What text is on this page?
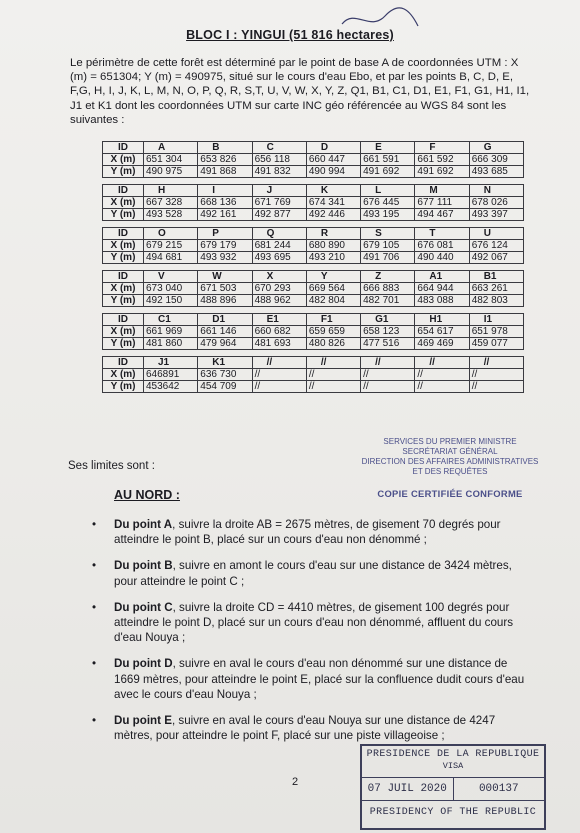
BLOC I : YINGUI (51 816 hectares)

Le périmètre de cette forêt est déterminé par le point de base A de coordonnées UTM : X (m) = 651304; Y (m) = 490975, situé sur le cours d'eau Ebo, et par les points B, C, D, E, F,G, H, I, J, K, L, M, N, O, P, Q, R, S,T, U, V, W, X, Y, Z, Q1, B1, C1, D1, E1, F1, G1, H1, I1, J1 et K1 dont les coordonnées UTM sur carte INC géo référencée au WGS 84 sont les suivantes :

ID	A	B	C	D	E	F	G
X (m)	651 304	653 826	656 118	660 447	661 591	661 592	666 309
Y (m)	490 975	491 868	491 832	490 994	491 692	491 692	493 685

ID	H	I	J	K	L	M	N
X (m)	667 328	668 136	671 769	674 341	676 445	677 111	678 026
Y (m)	493 528	492 161	492 877	492 446	493 195	494 467	493 397

ID	O	P	Q	R	S	T	U
X (m)	679 215	679 179	681 244	680 890	679 105	676 081	676 124
Y (m)	494 681	493 932	493 695	493 210	491 706	490 440	492 067

ID	V	W	X	Y	Z	A1	B1
X (m)	673 040	671 503	670 293	669 564	666 883	664 944	663 261
Y (m)	492 150	488 896	488 962	482 804	482 701	483 088	482 803

ID	C1	D1	E1	F1	G1	H1	I1
X (m)	661 969	661 146	660 682	659 659	658 123	654 617	651 978
Y (m)	481 860	479 964	481 693	480 826	477 516	469 469	459 077

ID	J1	K1	//	//	//	//	//
X (m)	646891	636 730	//	//	//	//	//
Y (m)	453642	454 709	//	//	//	//	//
SERVICES DU PREMIER MINISTRE
SECRÉTARIAT GÉNÉRAL
DIRECTION DES AFFAIRES ADMINISTRATIVES
ET DES REQUÊTES
COPIE CERTIFIÉE CONFORME
Ses limites sont :
AU NORD :
• Du point A, suivre la droite AB = 2675 mètres, de gisement 70 degrés pour atteindre le point B, placé sur un cours d'eau non dénommé ;
• Du point B, suivre en amont le cours d'eau sur une distance de 3424 mètres, pour atteindre le point C ;
• Du point C, suivre la droite CD = 4410 mètres, de gisement 100 degrés pour atteindre le point D, placé sur un cours d'eau non dénommé, affluent du cours d'eau Nouya ;
• Du point D, suivre en aval le cours d'eau non dénommé sur une distance de 1669 mètres, pour atteindre le point E, placé sur la confluence dudit cours d'eau avec le cours d'eau Nouya ;
• Du point E, suivre en aval le cours d'eau Nouya sur une distance de 4247 mètres, pour atteindre le point F, placé sur une piste villageoise ;
2
PRESIDENCE DE LA REPUBLIQUE
VISA
07 JUIL 2020	000137
PRESIDENCY OF THE REPUBLIC
